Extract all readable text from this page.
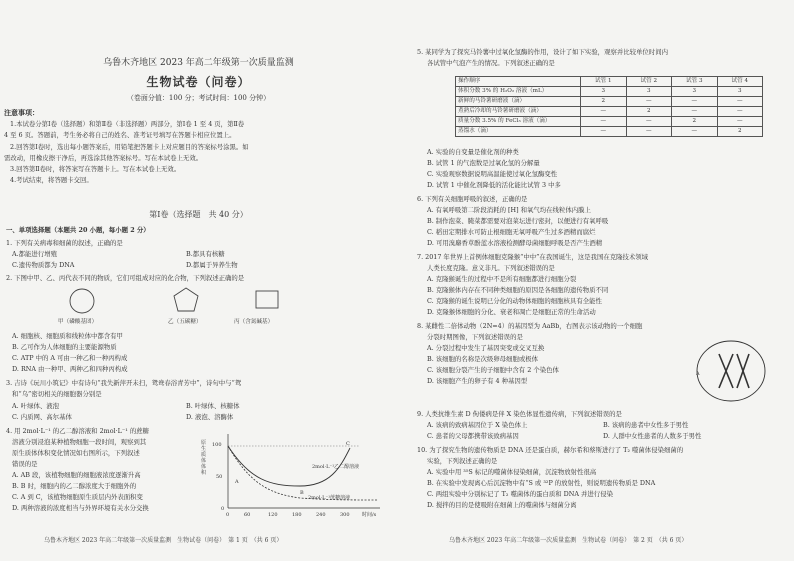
乌鲁木齐地区 2023 年高二年级第一次质量监测
生物试卷（问卷）
（卷面分值：100 分；考试时间：100 分钟）
注意事项：
1.本试卷分第Ⅰ卷（选择题）和第Ⅱ卷（非选择题）两部分，第Ⅰ卷 1 至 4 页，第Ⅱ卷
4 至 6 页。答题前，考生务必将自己的姓名、准考证号填写在答题卡相应位置上。
2.回答第Ⅰ卷时，选出每小题答案后，用铅笔把答题卡上对应题目的答案标号涂黑。如
需改动，用橡皮擦干净后，再选涂其他答案标号。写在本试卷上无效。
3.回答第Ⅱ卷时，将答案写在答题卡上。写在本试卷上无效。
4.考试结束，将答题卡交回。
第Ⅰ卷（选择题　共 40 分）
一、单项选择题（本题共 20 小题，每小题 2 分）
1. 下列有关病毒和细菌的叙述，正确的是
A.都能进行增殖	B.都具有核糖
C.遗传物质都为 DNA	D.都属于异养生物
2. 下图中甲、乙、丙代表不同的物质，它们可组成对应的化合物，下列叙述正确的是
甲（磷酸基团）	乙（五碳糖）	丙（含氮碱基）
A. 细胞核、细胞质和线粒体中都含有甲
B. 乙可作为人体细胞的主要能源物质
C. ATP 中的 A 可由一种乙和一种丙构成
D. RNA 由一种甲、两种乙和四种丙构成
3. 吉诗《玩川小筑记》中有诗句“我失新萍开未扫，鸳鸯春浴青芳中”，诗句中与“鸳
和“乌”密切相关的细胞器分别是
A. 叶绿体、液泡	B. 叶绿体、核糖体
C. 内质网、高尔基体	D. 液泡、溶酶体
4. 用 2mol·L⁻¹ 的乙二醇溶液和 2mol·L⁻¹ 的蔗糖
溶液分别浸泡某种植物细胞一段时间，观察到其
原生质体体积变化情况如右图所示，下列叙述
错误的是
A. AB 段，该植物细胞的细胞液浓度逐渐升高
B. B 时，细胞内的乙二醇浓度大于细胞外的
C. A 到 C，该植物细胞原生质层内外表面积变
D. 两种溶液的浓度相当与外界环境有关水分交换
原生质体体积
100
50
0
A
B
C
2mol·L⁻¹乙二醇溶液
2mol·L⁻¹蔗糖溶液
0	60	120	180	240	300 时间/s
乌鲁木齐地区 2023 年高二年级第一次质量监测　生物试卷（问卷）　第 1 页　（共 6 页）
5. 某同学为了探究马铃薯中过氧化氢酶的作用，设计了如下实验，观察并比较单位时间内
各试管中气泡产生的情况。下列叙述正确的是
操作顺序	试管 1	试管 2	试管 3	试管 4
体积分数 3% 的 H₂O₂ 溶液（mL）	3	3	3	3
新鲜的马铃薯研磨液（滴）	2	—	—	—
煮熟后冷却的马铃薯研磨液（滴）	—	2	—	—
质量分数 3.5% 的 FeCl₃ 溶液（滴）	—	—	2	—
蒸馏水（滴）	—	—	—	2
A. 实验的自变量是催化剂的种类
B. 试管 1 的气泡数是过氧化氢的分解量
C. 实验观察数据说明高温能使过氧化氢酶变性
D. 试管 1 中催化剂降低的活化能比试管 3 中多
6. 下列有关细胞呼吸的叙述，正确的是
A. 有氧呼吸第二阶段消耗的 [H] 和氧气均在线粒体内膜上
B. 制作泡菜、腌菜都需要对泡菜坛进行密封，以便进行有氧呼吸
C. 稻田定期排水可防止根细胞无氧呼吸产生过多酒精而腐烂
D. 可用溴麝香草酚蓝水溶液检测酵母菌细胞呼吸是否产生酒精
7. 2017 年世界上首例体细胞克隆猴“中中”在我国诞生，这是我国在克隆技术领域
人类长度克隆。意义非凡。下列叙述错误的是
A. 克隆猴诞生的过程中不是所有细胞都进行细胞分裂
B. 克隆猴体内存在不同种类细胞的原因是各细胞的遗传物质不同
C. 克隆猴的诞生说明已分化的动物体细胞的细胞核具有全能性
D. 克隆猴体细胞的分化、衰老和凋亡是细胞正常的生命活动
8. 某雌性二倍体动物（2N=4）的基因型为 AaBb，右图表示该动物的一个细胞
分裂时期图像，下列叙述错误的是
A. 分裂过程中发生了基因突变或交叉互换
B. 该细胞的名称是次级卵母细胞或极体
C. 该细胞分裂产生的子细胞中含有 2 个染色体
D. 该细胞产生的卵子有 4 种基因型
A
9. 人类抗维生素 D 佝偻病是伴 X 染色体显性遗传病，下列叙述错误的是
A. 该病的致病基因位于 X 染色体上	B. 该病的患者中女性多于男性
C. 患者的父母都携带该致病基因	D. 人群中女性患者的人数多于男性
10. 为了探究生物的遗传物质是 DNA 还是蛋白质，赫尔希和蔡斯进行了 T₂ 噬菌体侵染细菌的
实验，下列叙述正确的是
A. 实验中用 ³⁵S 标记的噬菌体侵染细菌，沉淀物放射性很高
B. 在实验中发现离心后沉淀物中有“S 或 ³²P 的放射性，则说明遗传物质是 DNA
C. 两组实验中分别标记了 T₂ 噬菌体的蛋白质和 DNA 并进行侵染
D. 搅拌的目的是使吸附在细菌上的噬菌体与细菌分离
乌鲁木齐地区 2023 年高二年级第一次质量监测　生物试卷（问卷）　第 2 页　（共 6 页）
